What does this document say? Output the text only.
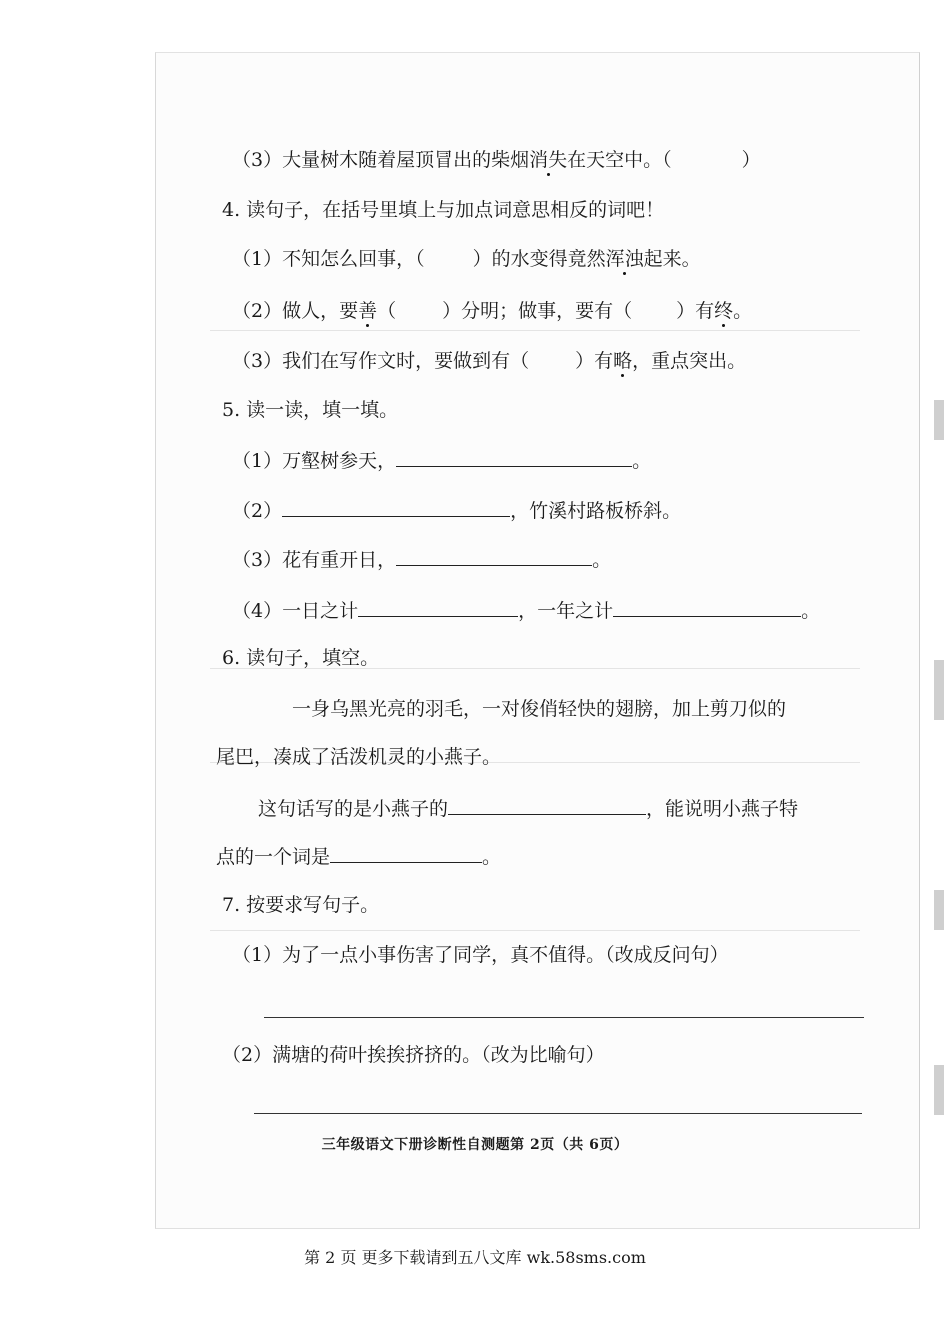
（3）大量树木随着屋顶冒出的柴烟消失在天空中。（	）
4. 读句子，在括号里填上与加点词意思相反的词吧！
（1）不知怎么回事，（	）的水变得竟然浑浊起来。
（2）做人，要善（ ）分明；做事，要有（ ）有终。
（3）我们在写作文时，要做到有（ ）有略，重点突出。
5. 读一读，填一填。
（1）万壑树参天，	。
（2）	，竹溪村路板桥斜。
（3）花有重开日，	。
（4）一日之计	，一年之计	。
6. 读句子，填空。
一身乌黑光亮的羽毛，一对俊俏轻快的翅膀，加上剪刀似的
尾巴，凑成了活泼机灵的小燕子。
这句话写的是小燕子的	，能说明小燕子特
点的一个词是	。
7. 按要求写句子。
（1）为了一点小事伤害了同学，真不值得。（改成反问句）
（2）满塘的荷叶挨挨挤挤的。（改为比喻句）
三年级语文下册诊断性自测题第 2页（共 6页）
第 2 页 更多下载请到五八文库 wk.58sms.com
